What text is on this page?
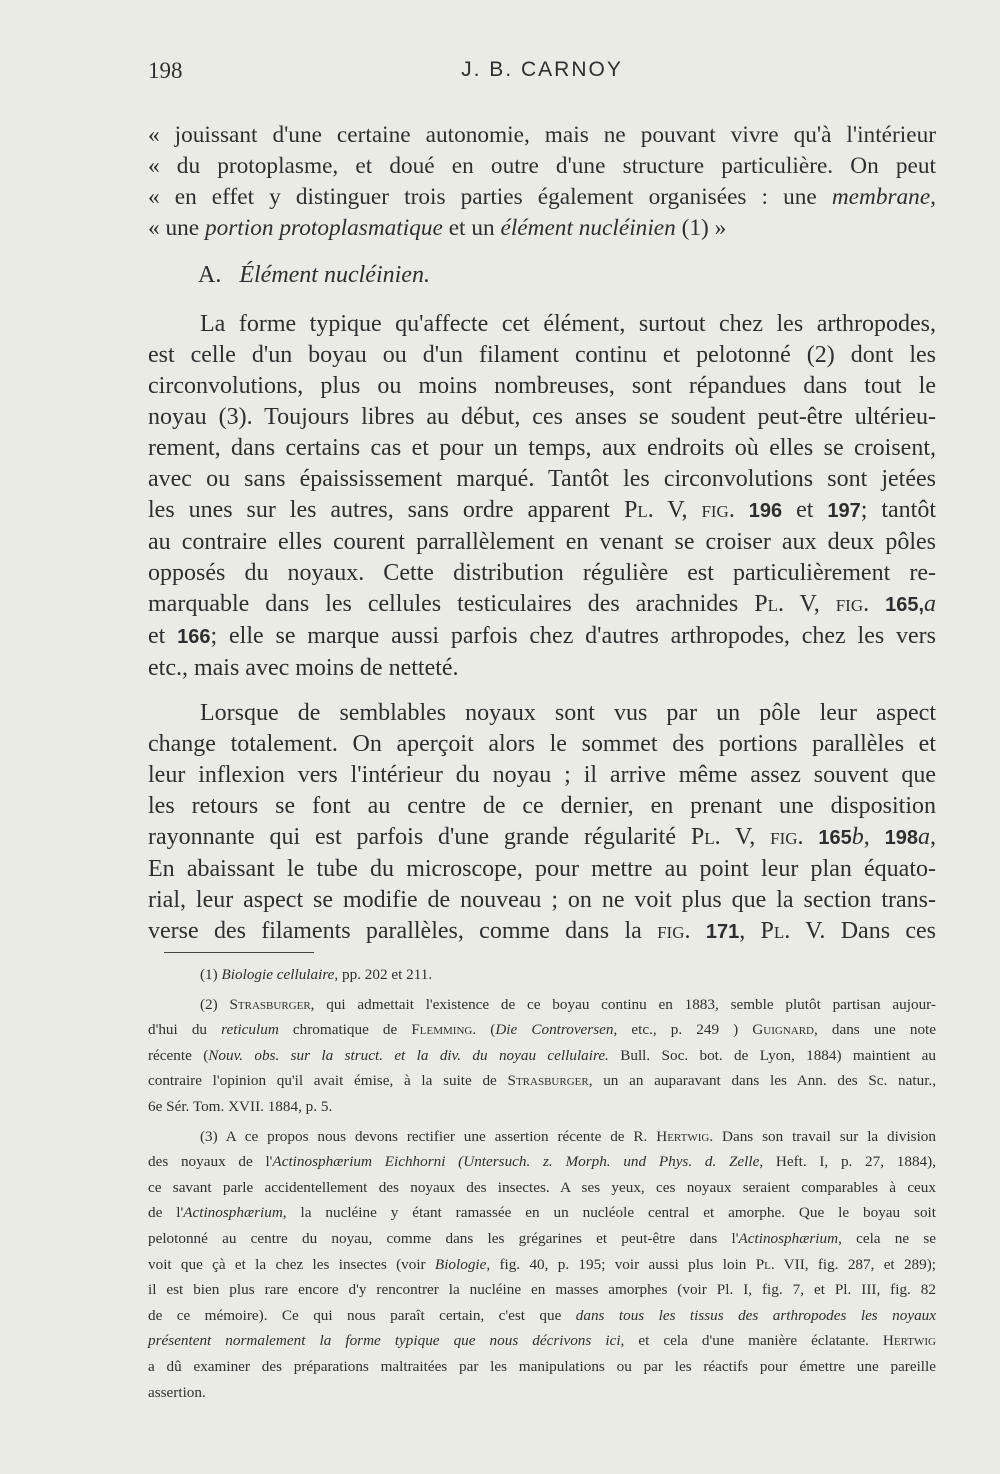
198	J. B. CARNOY
« jouissant d'une certaine autonomie, mais ne pouvant vivre qu'à l'intérieur
« du protoplasme, et doué en outre d'une structure particulière. On peut
« en effet y distinguer trois parties également organisées : une membrane,
« une portion protoplasmatique et un élément nucléinien (1) »
A. Élément nucléinien.
La forme typique qu'affecte cet élément, surtout chez les arthropodes,
est celle d'un boyau ou d'un filament continu et pelotonné (2) dont les
circonvolutions, plus ou moins nombreuses, sont répandues dans tout le
noyau (3). Toujours libres au début, ces anses se soudent peut-être ultérieu-
rement, dans certains cas et pour un temps, aux endroits où elles se croisent,
avec ou sans épaississement marqué. Tantôt les circonvolutions sont jetées
les unes sur les autres, sans ordre apparent Pl. V, fig. 196 et 197; tantôt
au contraire elles courent parrallèlement en venant se croiser aux deux pôles
opposés du noyaux. Cette distribution régulière est particulièrement re-
marquable dans les cellules testiculaires des arachnides Pl. V, fig. 165,a
et 166; elle se marque aussi parfois chez d'autres arthropodes, chez les vers
etc., mais avec moins de netteté.
Lorsque de semblables noyaux sont vus par un pôle leur aspect
change totalement. On aperçoit alors le sommet des portions parallèles et
leur inflexion vers l'intérieur du noyau ; il arrive même assez souvent que
les retours se font au centre de ce dernier, en prenant une disposition
rayonnante qui est parfois d'une grande régularité Pl. V, fig. 165b, 198a,
En abaissant le tube du microscope, pour mettre au point leur plan équato-
rial, leur aspect se modifie de nouveau ; on ne voit plus que la section trans-
verse des filaments parallèles, comme dans la fig. 171, Pl. V. Dans ces
(1) Biologie cellulaire, pp. 202 et 211.
(2) Strasburger, qui admettait l'existence de ce boyau continu en 1883, semble plutôt partisan aujour-
d'hui du reticulum chromatique de Flemming. (Die Controversen, etc., p. 249 ) Guignard, dans une note
récente (Nouv. obs. sur la struct. et la div. du noyau cellulaire. Bull. Soc. bot. de Lyon, 1884) maintient au
contraire l'opinion qu'il avait émise, à la suite de Strasburger, un an auparavant dans les Ann. des Sc. natur.,
6e Sér. Tom. XVII. 1884, p. 5.
(3) A ce propos nous devons rectifier une assertion récente de R. Hertwig. Dans son travail sur la division
des noyaux de l'Actinosphærium Eichhorni (Untersuch. z. Morph. und Phys. d. Zelle, Heft. I, p. 27, 1884),
ce savant parle accidentellement des noyaux des insectes. A ses yeux, ces noyaux seraient comparables à ceux
de l'Actinosphærium, la nucléine y étant ramassée en un nucléole central et amorphe. Que le boyau soit
pelotonné au centre du noyau, comme dans les grégarines et peut-être dans l'Actinosphærium, cela ne se
voit que çà et la chez les insectes (voir Biologie, fig. 40, p. 195; voir aussi plus loin Pl. VII, fig. 287, et 289);
il est bien plus rare encore d'y rencontrer la nucléine en masses amorphes (voir Pl. I, fig. 7, et Pl. III, fig. 82
de ce mémoire). Ce qui nous paraît certain, c'est que dans tous les tissus des arthropodes les noyaux
présentent normalement la forme typique que nous décrivons ici, et cela d'une manière éclatante. Hertwig
a dû examiner des préparations maltraitées par les manipulations ou par les réactifs pour émettre une pareille
assertion.
